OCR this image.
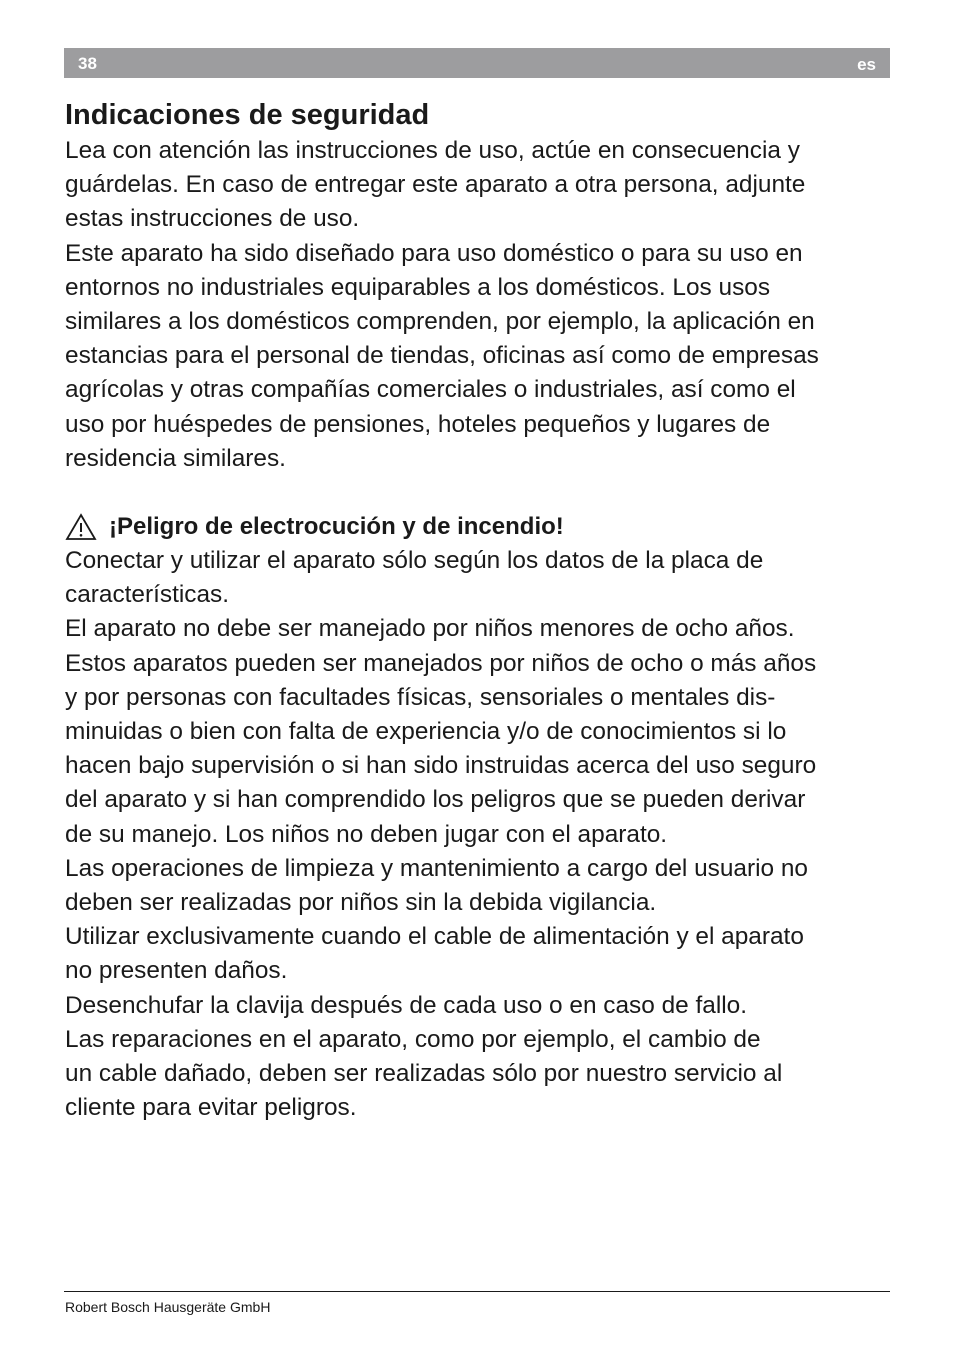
38	es
Indicaciones de seguridad
Lea con atención las instrucciones de uso, actúe en consecuencia y
guárdelas. En caso de entregar este aparato a otra persona, adjunte
estas instrucciones de uso.
Este aparato ha sido diseñado para uso doméstico o para su uso en
entornos no industriales equiparables a los domésticos. Los usos
similares a los domésticos comprenden, por ejemplo, la aplicación en
estancias para el personal de tiendas, oficinas así como de empresas
agrícolas y otras compañías comerciales o industriales, así como el
uso por huéspedes de pensiones, hoteles pequeños y lugares de
residencia similares.
¡Peligro de electrocución y de incendio!
Conectar y utilizar el aparato sólo según los datos de la placa de
características.
El aparato no debe ser manejado por niños menores de ocho años.
Estos aparatos pueden ser manejados por niños de ocho o más años
y por personas con facultades físicas, sensoriales o mentales dis-
minuidas o bien con falta de experiencia y/o de conocimientos si lo
hacen bajo supervisión o si han sido instruidas acerca del uso seguro
del aparato y si han comprendido los peligros que se pueden derivar
de su manejo. Los niños no deben jugar con el aparato.
Las operaciones de limpieza y mantenimiento a cargo del usuario no
deben ser realizadas por niños sin la debida vigilancia.
Utilizar exclusivamente cuando el cable de alimentación y el aparato
no presenten daños.
Desenchufar la clavija después de cada uso o en caso de fallo.
Las reparaciones en el aparato, como por ejemplo, el cambio de
un cable dañado, deben ser realizadas sólo por nuestro servicio al
cliente para evitar peligros.
Robert Bosch Hausgeräte GmbH
